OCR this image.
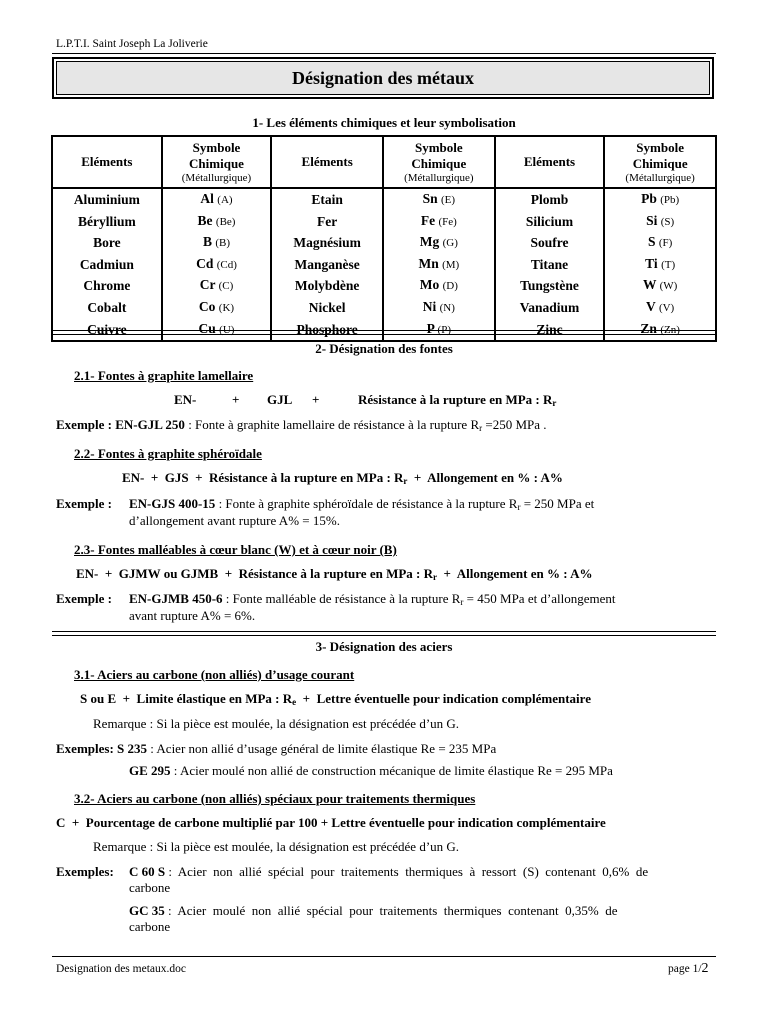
L.P.T.I. Saint Joseph La Joliverie
Désignation des métaux
1- Les éléments chimiques et leur symbolisation
Eléments	Symbole
Chimique
(Métallurgique)	Eléments	Symbole
Chimique
(Métallurgique)	Eléments	Symbole
Chimique
(Métallurgique)

Aluminium	Al (A)	Etain	Sn (E)	Plomb	Pb (Pb)
Béryllium	Be (Be)	Fer	Fe (Fe)	Silicium	Si (S)
Bore	B (B)	Magnésium	Mg (G)	Soufre	S (F)
Cadmiun	Cd (Cd)	Manganèse	Mn (M)	Titane	Ti (T)
Chrome	Cr (C)	Molybdène	Mo (D)	Tungstène	W (W)
Cobalt	Co (K)	Nickel	Ni (N)	Vanadium	V (V)
Cuivre	Cu (U)	Phosphore	P (P)	Zinc	Zn (Zn)
2- Désignation des fontes
2.1- Fontes à graphite lamellaire
EN-	+ GJL +	Résistance à la rupture en MPa : Rr
Exemple : EN-GJL 250 : Fonte à graphite lamellaire de résistance à la rupture Rr =250 MPa .
2.2- Fontes à graphite sphéroïdale
EN-  +  GJS  +  Résistance à la rupture en MPa : Rr  +  Allongement en % : A%
Exemple : EN-GJS 400-15 : Fonte à graphite sphéroïdale de résistance à la rupture Rr = 250 MPa et
d’allongement avant rupture A% = 15%.
2.3- Fontes malléables à cœur blanc (W) et à cœur noir (B)
EN-  +  GJMW ou GJMB  +  Résistance à la rupture en MPa : Rr  +  Allongement en % : A%
Exemple : EN-GJMB 450-6 : Fonte malléable de résistance à la rupture Rr = 450 MPa et d’allongement
avant rupture A% = 6%.
3- Désignation des aciers
3.1- Aciers au carbone (non alliés) d’usage courant
S ou E  +  Limite élastique en MPa : Re  +  Lettre éventuelle pour indication complémentaire
Remarque : Si la pièce est moulée, la désignation est précédée d’un G.
Exemples: S 235 : Acier non allié d’usage général de limite élastique Re = 235 MPa
GE 295 : Acier moulé non allié de construction mécanique de limite élastique Re = 295 MPa
3.2- Aciers au carbone (non alliés) spéciaux pour traitements thermiques
C  +  Pourcentage de carbone multiplié par 100 + Lettre éventuelle pour indication complémentaire
Remarque : Si la pièce est moulée, la désignation est précédée d’un G.
Exemples: C 60 S :  Acier  non  allié  spécial  pour  traitements  thermiques  à  ressort  (S)  contenant  0,6%  de
carbone
GC 35 :  Acier  moulé  non  allié  spécial  pour  traitements  thermiques  contenant  0,35%  de
carbone
Designation des metaux.doc	page 1/2
